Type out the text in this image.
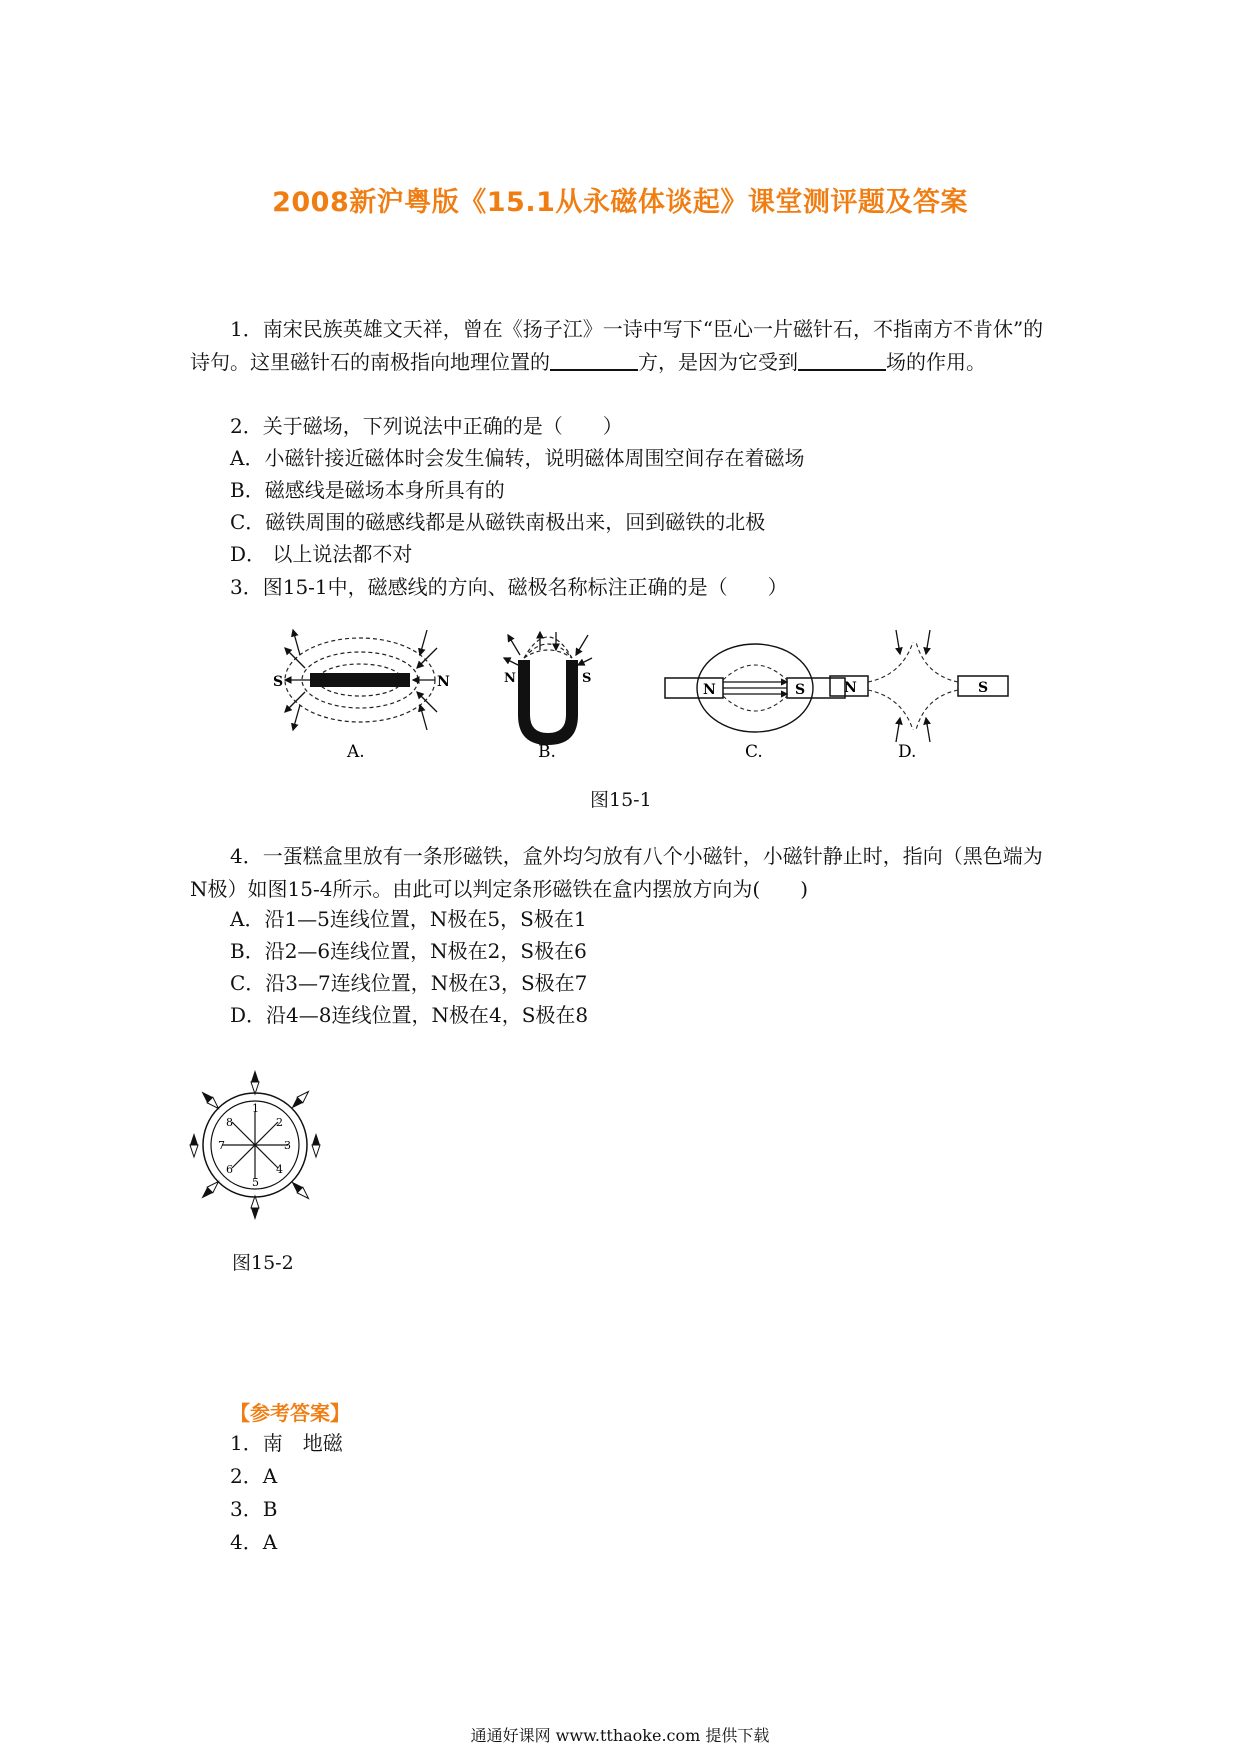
2008新沪粤版《15.1从永磁体谈起》课堂测评题及答案
1．南宋民族英雄文天祥，曾在《扬子江》一诗中写下“臣心一片磁针石，不指南方不肯休”的诗句。这里磁针石的南极指向地理位置的	方，是因为它受到	场的作用。
2．关于磁场，下列说法中正确的是（　　）
A．小磁针接近磁体时会发生偏转，说明磁体周围空间存在着磁场
B．磁感线是磁场本身所具有的
C．磁铁周围的磁感线都是从磁铁南极出来，回到磁铁的北极
D． 以上说法都不对
3．图15-1中，磁感线的方向、磁极名称标注正确的是（　　）
S	N
A.
N	S
B.
N	S
C.
N	S
D.
图15-1
4．一蛋糕盒里放有一条形磁铁，盒外均匀放有八个小磁针，小磁针静止时，指向（黑色端为N极）如图15-4所示。由此可以判定条形磁铁在盒内摆放方向为(　　)
A．沿1—5连线位置，N极在5，S极在1
B．沿2—6连线位置，N极在2，S极在6
C．沿3—7连线位置，N极在3，S极在7
D．沿4—8连线位置，N极在4，S极在8
1
2
3
4
5
6
7
8
图15-2
【参考答案】
1．南　地磁
2．A
3．B
4．A
通通好课网 www.tthaoke.com 提供下载
